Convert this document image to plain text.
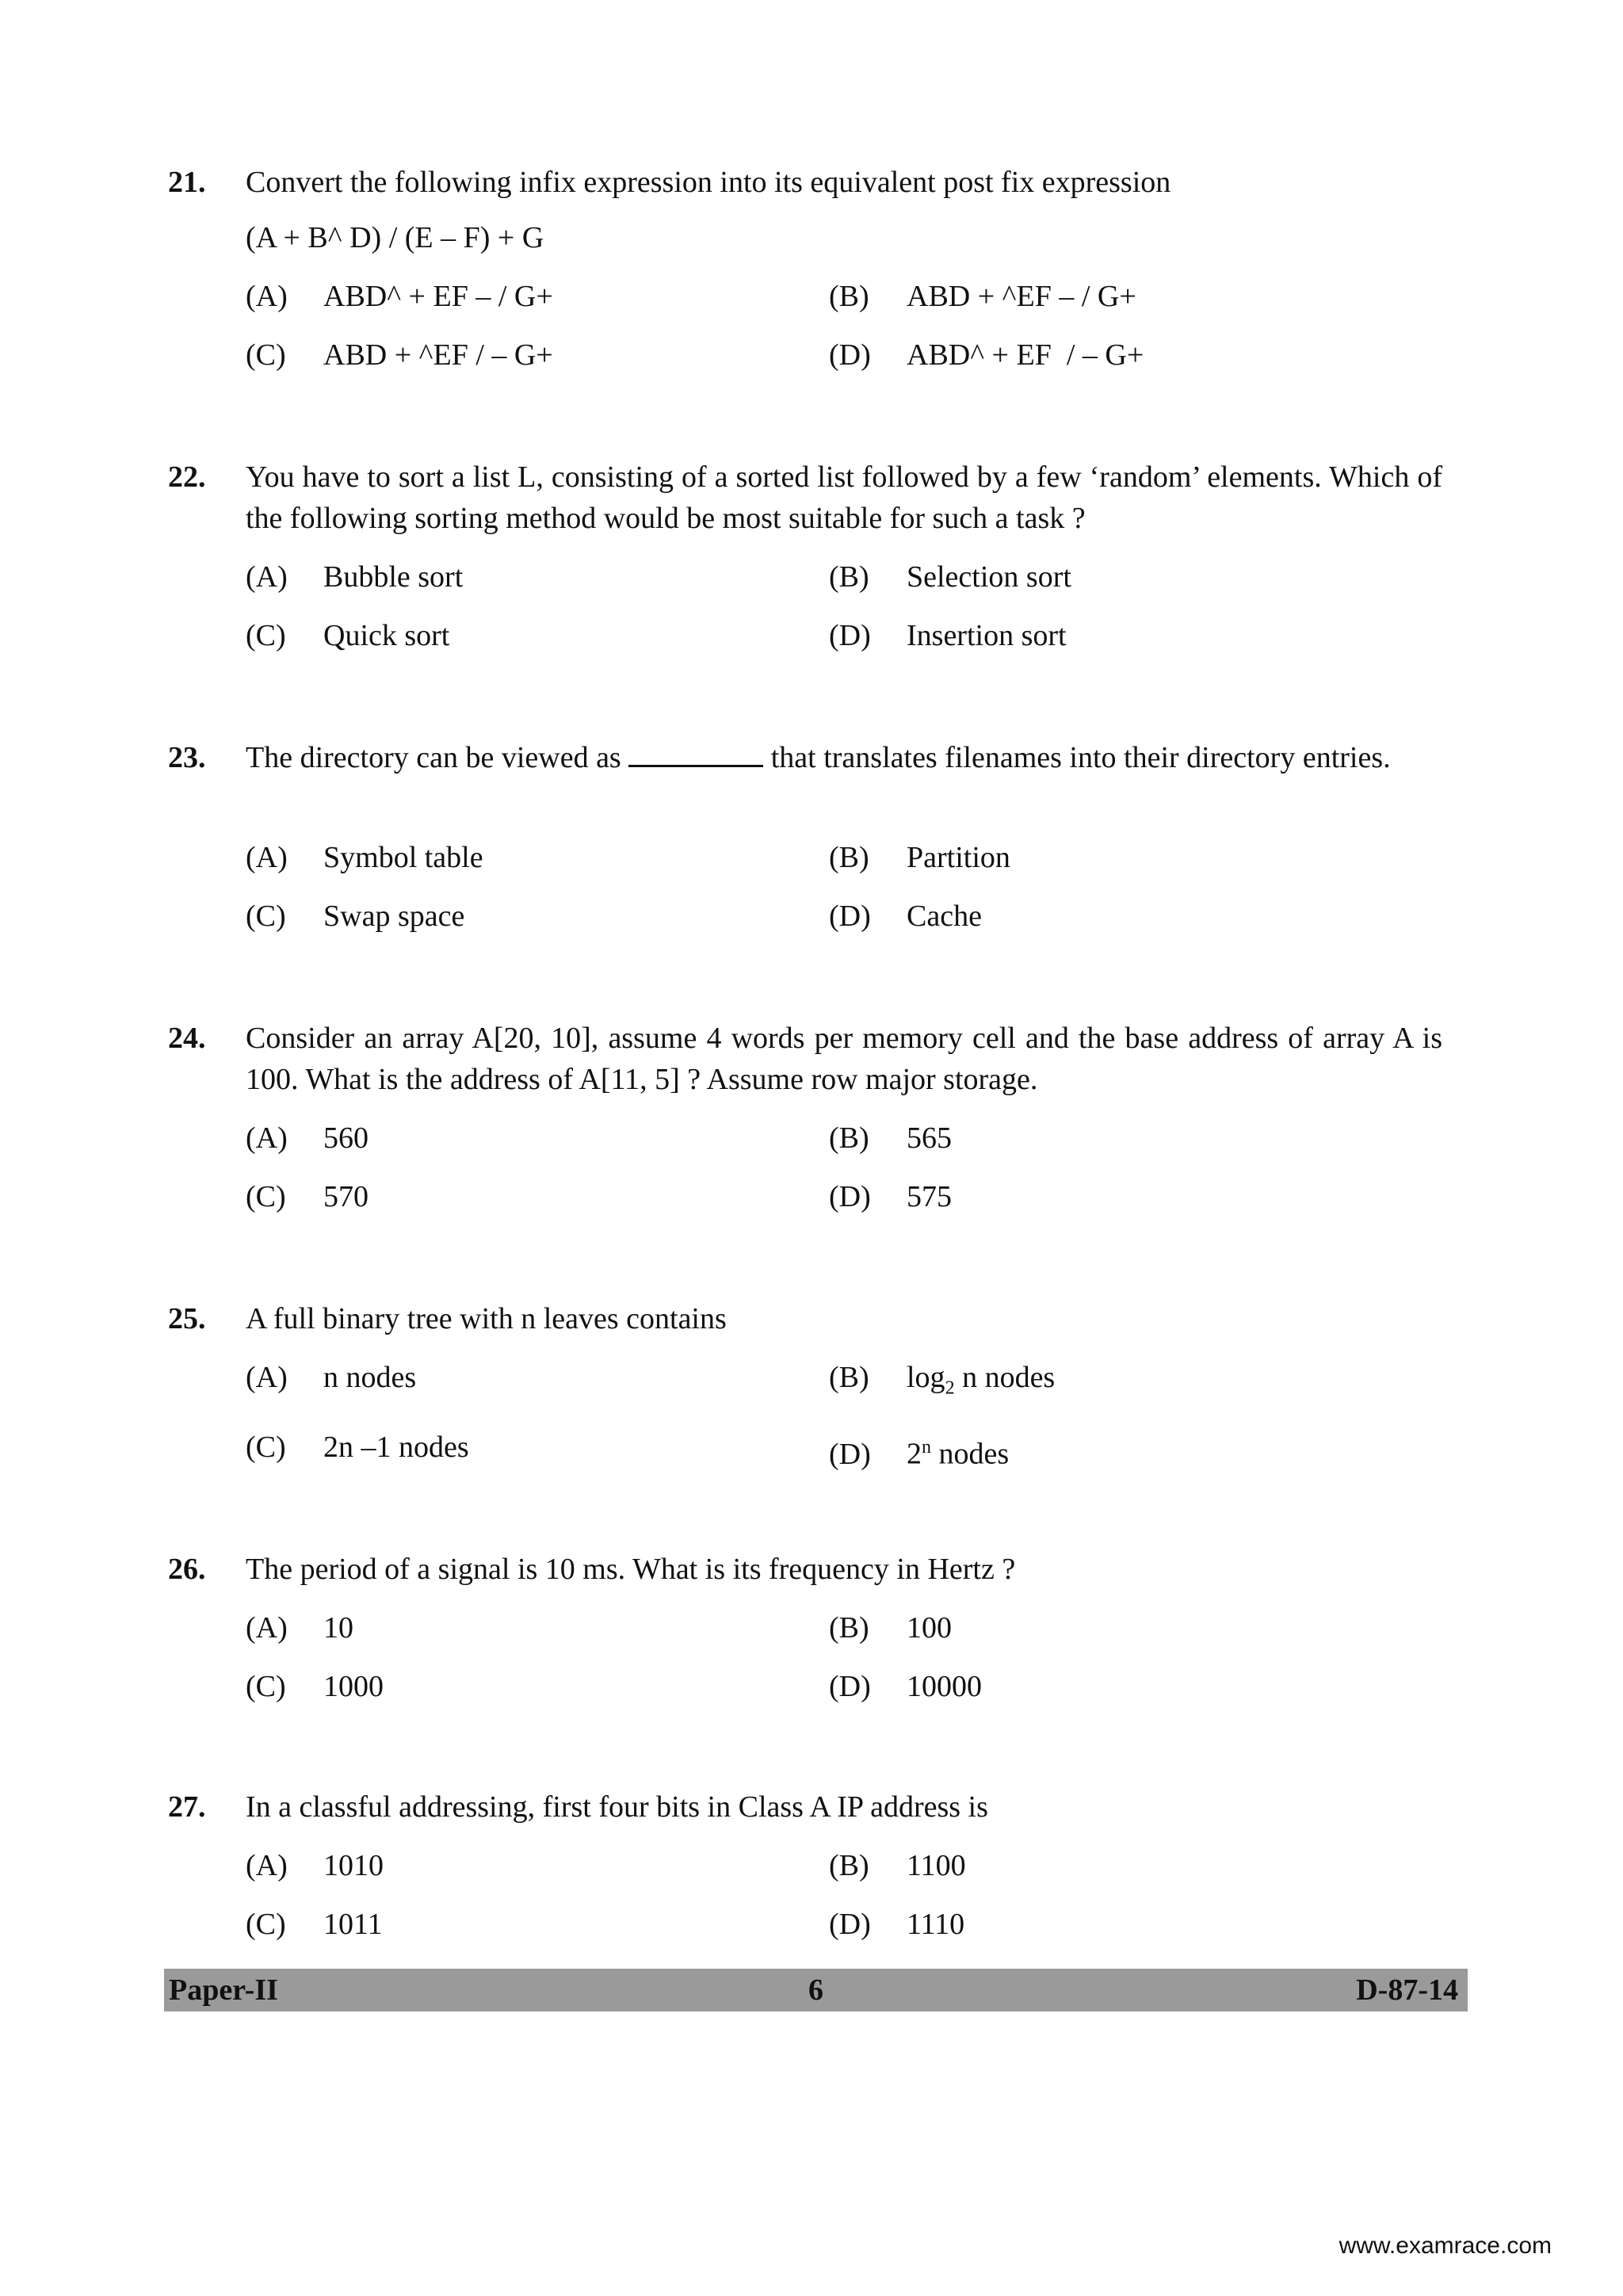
21. Convert the following infix expression into its equivalent post fix expression
(A + B^ D) / (E – F) + G
(A) ABD^ + EF – / G+	(B) ABD + ^EF – / G+
(C) ABD + ^EF / – G+	(D) ABD^ + EF  / – G+
22. You have to sort a list L, consisting of a sorted list followed by a few ‘random’ elements. Which of the following sorting method would be most suitable for such a task ?
(A) Bubble sort	(B) Selection sort
(C) Quick sort	(D) Insertion sort
23. The directory can be viewed as	that translates filenames into their directory entries.
(A) Symbol table	(B) Partition
(C) Swap space	(D) Cache
24. Consider an array A[20, 10], assume 4 words per memory cell and the base address of array A is 100. What is the address of A[11, 5] ? Assume row major storage.
(A) 560	(B) 565
(C) 570	(D) 575
25. A full binary tree with n leaves contains
(A) n nodes	(B) $\log_2 n$ nodes
(C) 2n –1 nodes	(D) 2$^n$ nodes
26. The period of a signal is 10 ms. What is its frequency in Hertz ?
(A) 10	(B) 100
(C) 1000	(D) 10000
27. In a classful addressing, first four bits in Class A IP address is
(A) 1010	(B) 1100
(C) 1011	(D) 1110
Paper-II	6	D-87-14
www.examrace.com
